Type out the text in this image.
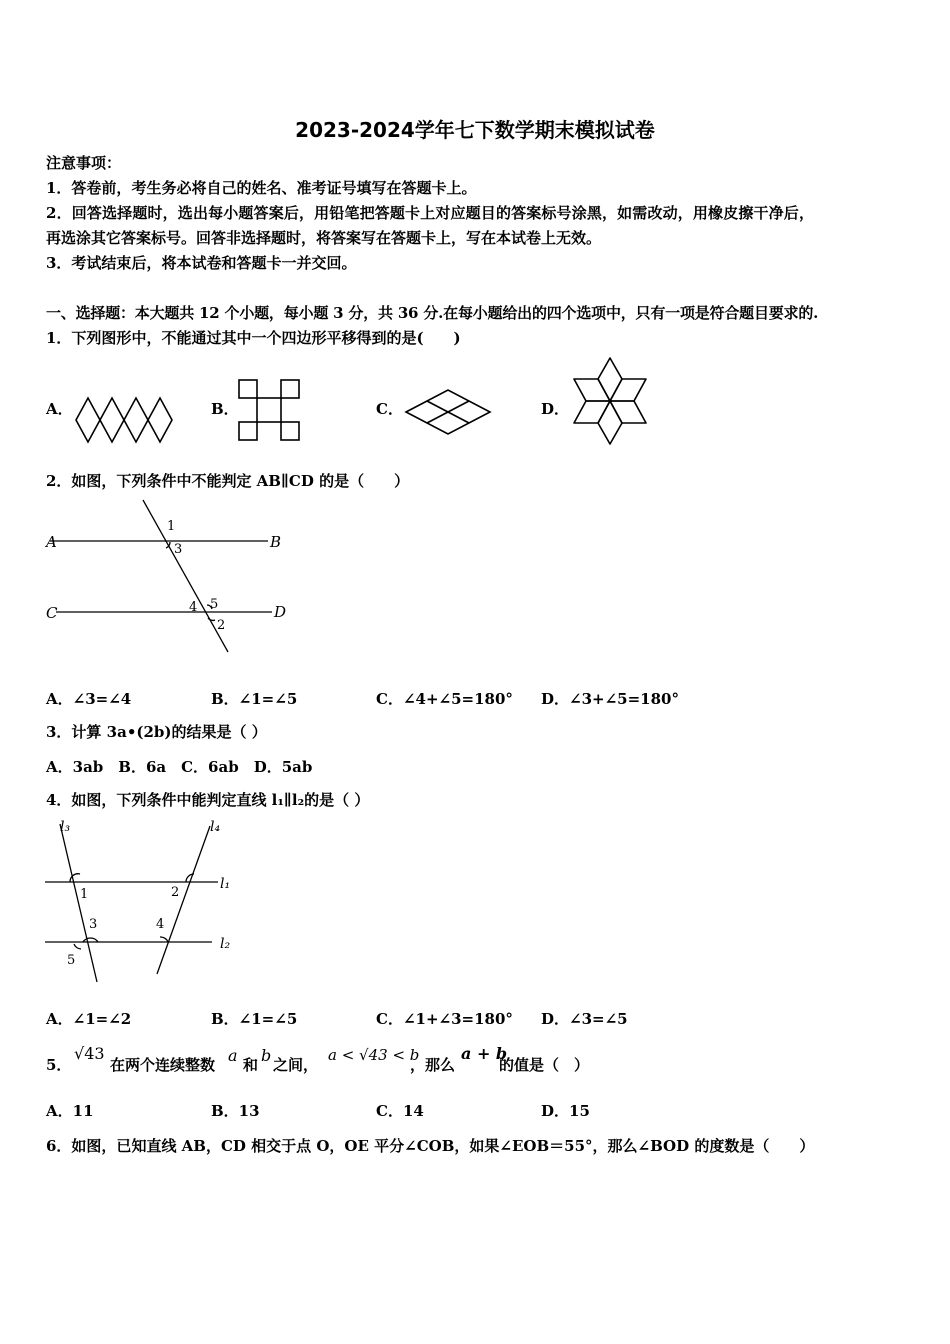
2023-2024学年七下数学期末模拟试卷
注意事项：
1．答卷前，考生务必将自己的姓名、准考证号填写在答题卡上。
2．回答选择题时，选出每小题答案后，用铅笔把答题卡上对应题目的答案标号涂黑，如需改动，用橡皮擦干净后，
再选涂其它答案标号。回答非选择题时，将答案写在答题卡上，写在本试卷上无效。
3．考试结束后，将本试卷和答题卡一并交回。
一、选择题：本大题共 12 个小题，每小题 3 分，共 36 分.在每小题给出的四个选项中，只有一项是符合题目要求的.
1．下列图形中，不能通过其中一个四边形平移得到的是(　　)
A．	B．	C．	D．
2．如图，下列条件中不能判定 AB∥CD 的是（　　）
A	B
C	D
1
3
4 5
2
A．∠3=∠4	B．∠1=∠5	C．∠4+∠5=180° D．∠3+∠5=180°
3．计算 3a•(2b)的结果是（ ）
A．3ab　B．6a　C．6ab　D．5ab
4．如图，下列条件中能判定直线 l₁∥l₂的是（ ）
l₃	l₄
l₁
l₂
1	2
3	4
5
A．∠1=∠2	B．∠1=∠5	C．∠1+∠3=180° D．∠3=∠5
5．
√43
在两个连续整数 a 和 b 之间，
a < √43 < b
，那么
a + b
的值是（　）
A．11	B．13	C．14	D．15
6．如图，已知直线 AB，CD 相交于点 O，OE 平分∠COB，如果∠EOB＝55°，那么∠BOD 的度数是（　　）
